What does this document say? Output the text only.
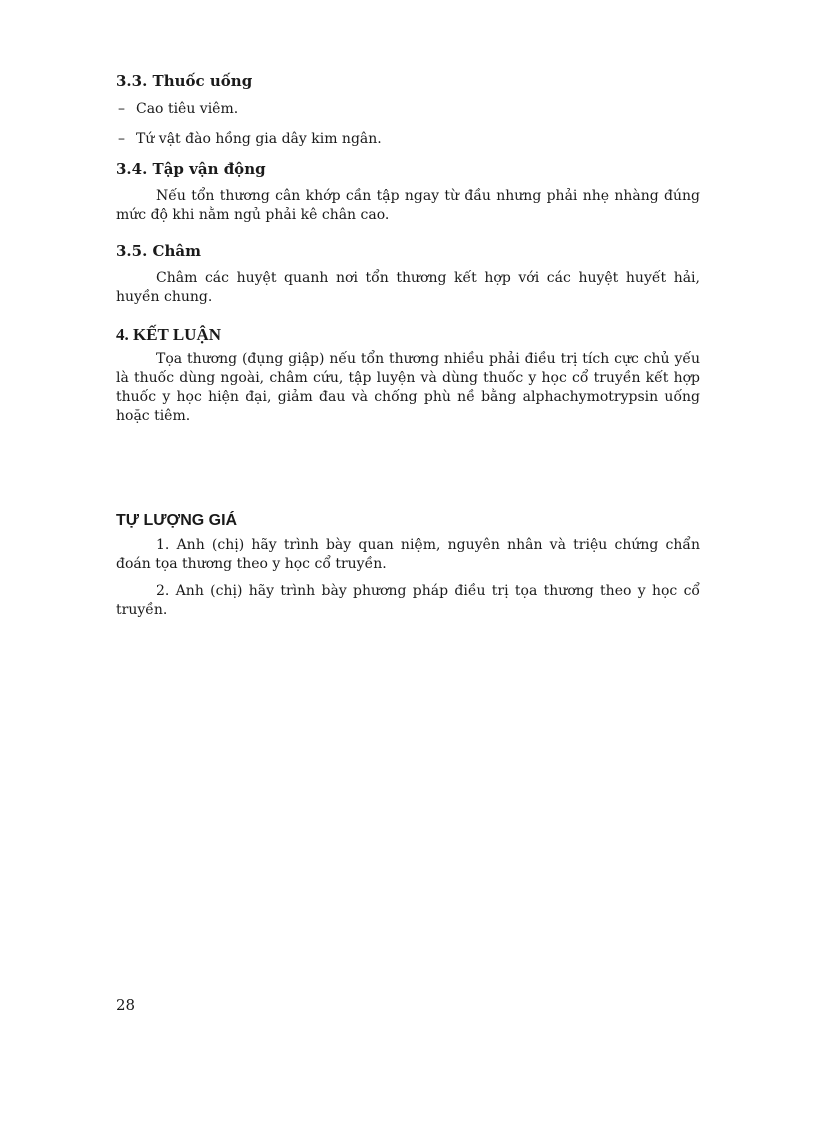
3.3. Thuốc uống
– Cao tiêu viêm.
– Tứ vật đào hồng gia dây kim ngân.
3.4. Tập vận động

Nếu tổn thương cân khớp cần tập ngay từ đầu nhưng phải nhẹ nhàng đúng mức độ khi nằm ngủ phải kê chân cao.

3.5. Châm

Châm các huyệt quanh nơi tổn thương kết hợp với các huyệt huyết hải, huyền chung.

4. KẾT LUẬN

Tọa thương (đụng giập) nếu tổn thương nhiều phải điều trị tích cực chủ yếu là thuốc dùng ngoài, châm cứu, tập luyện và dùng thuốc y học cổ truyền kết hợp thuốc y học hiện đại, giảm đau và chống phù nề bằng alphachymotrypsin uống hoặc tiêm.

TỰ LƯỢNG GIÁ

1. Anh (chị) hãy trình bày quan niệm, nguyên nhân và triệu chứng chẩn đoán tọa thương theo y học cổ truyền.

2. Anh (chị) hãy trình bày phương pháp điều trị tọa thương theo y học cổ truyền.

28
